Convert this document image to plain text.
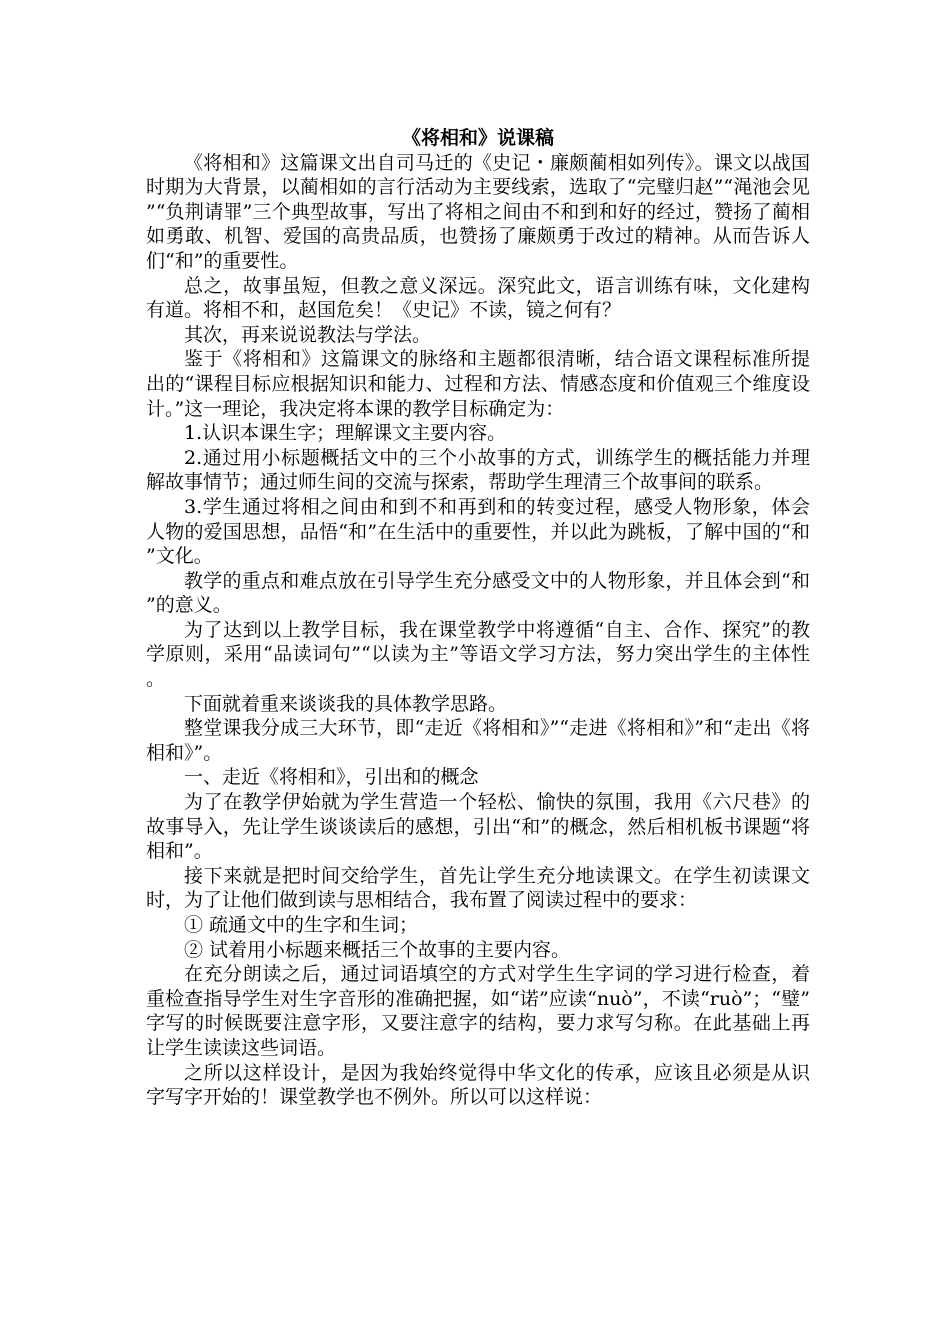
《将相和》说课稿

《将相和》这篇课文出自司马迁的《史记・廉颇蔺相如列传》。课文以战国时期为大背景，以蔺相如的言行活动为主要线索，选取了“完璧归赵”“渑池会见”“负荆请罪”三个典型故事，写出了将相之间由不和到和好的经过，赞扬了蔺相如勇敢、机智、爱国的高贵品质，也赞扬了廉颇勇于改过的精神。从而告诉人们“和”的重要性。

总之，故事虽短，但教之意义深远。深究此文，语言训练有味，文化建构有道。将相不和，赵国危矣！《史记》不读，镜之何有？

其次，再来说说教法与学法。

鉴于《将相和》这篇课文的脉络和主题都很清晰，结合语文课程标准所提出的“课程目标应根据知识和能力、过程和方法、情感态度和价值观三个维度设计。”这一理论，我决定将本课的教学目标确定为：

1.认识本课生字；理解课文主要内容。

2.通过用小标题概括文中的三个小故事的方式，训练学生的概括能力并理解故事情节；通过师生间的交流与探索，帮助学生理清三个故事间的联系。

3.学生通过将相之间由和到不和再到和的转变过程，感受人物形象，体会人物的爱国思想，品悟“和”在生活中的重要性，并以此为跳板，了解中国的“和”文化。

教学的重点和难点放在引导学生充分感受文中的人物形象，并且体会到“和”的意义。

为了达到以上教学目标，我在课堂教学中将遵循“自主、合作、探究”的教学原则，采用“品读词句”“以读为主”等语文学习方法，努力突出学生的主体性。

下面就着重来谈谈我的具体教学思路。

整堂课我分成三大环节，即“走近《将相和》”“走进《将相和》”和“走出《将相和》”。

一、走近《将相和》，引出和的概念

为了在教学伊始就为学生营造一个轻松、愉快的氛围，我用《六尺巷》的故事导入，先让学生谈谈读后的感想，引出“和”的概念，然后相机板书课题“将相和”。

接下来就是把时间交给学生，首先让学生充分地读课文。在学生初读课文时，为了让他们做到读与思相结合，我布置了阅读过程中的要求：

① 疏通文中的生字和生词；

② 试着用小标题来概括三个故事的主要内容。

在充分朗读之后，通过词语填空的方式对学生生字词的学习进行检查，着重检查指导学生对生字音形的准确把握，如“诺”应读“nuò”，不读“ruò”；“璧”字写的时候既要注意字形，又要注意字的结构，要力求写匀称。在此基础上再让学生读读这些词语。

之所以这样设计，是因为我始终觉得中华文化的传承，应该且必须是从识字写字开始的！课堂教学也不例外。所以可以这样说：
